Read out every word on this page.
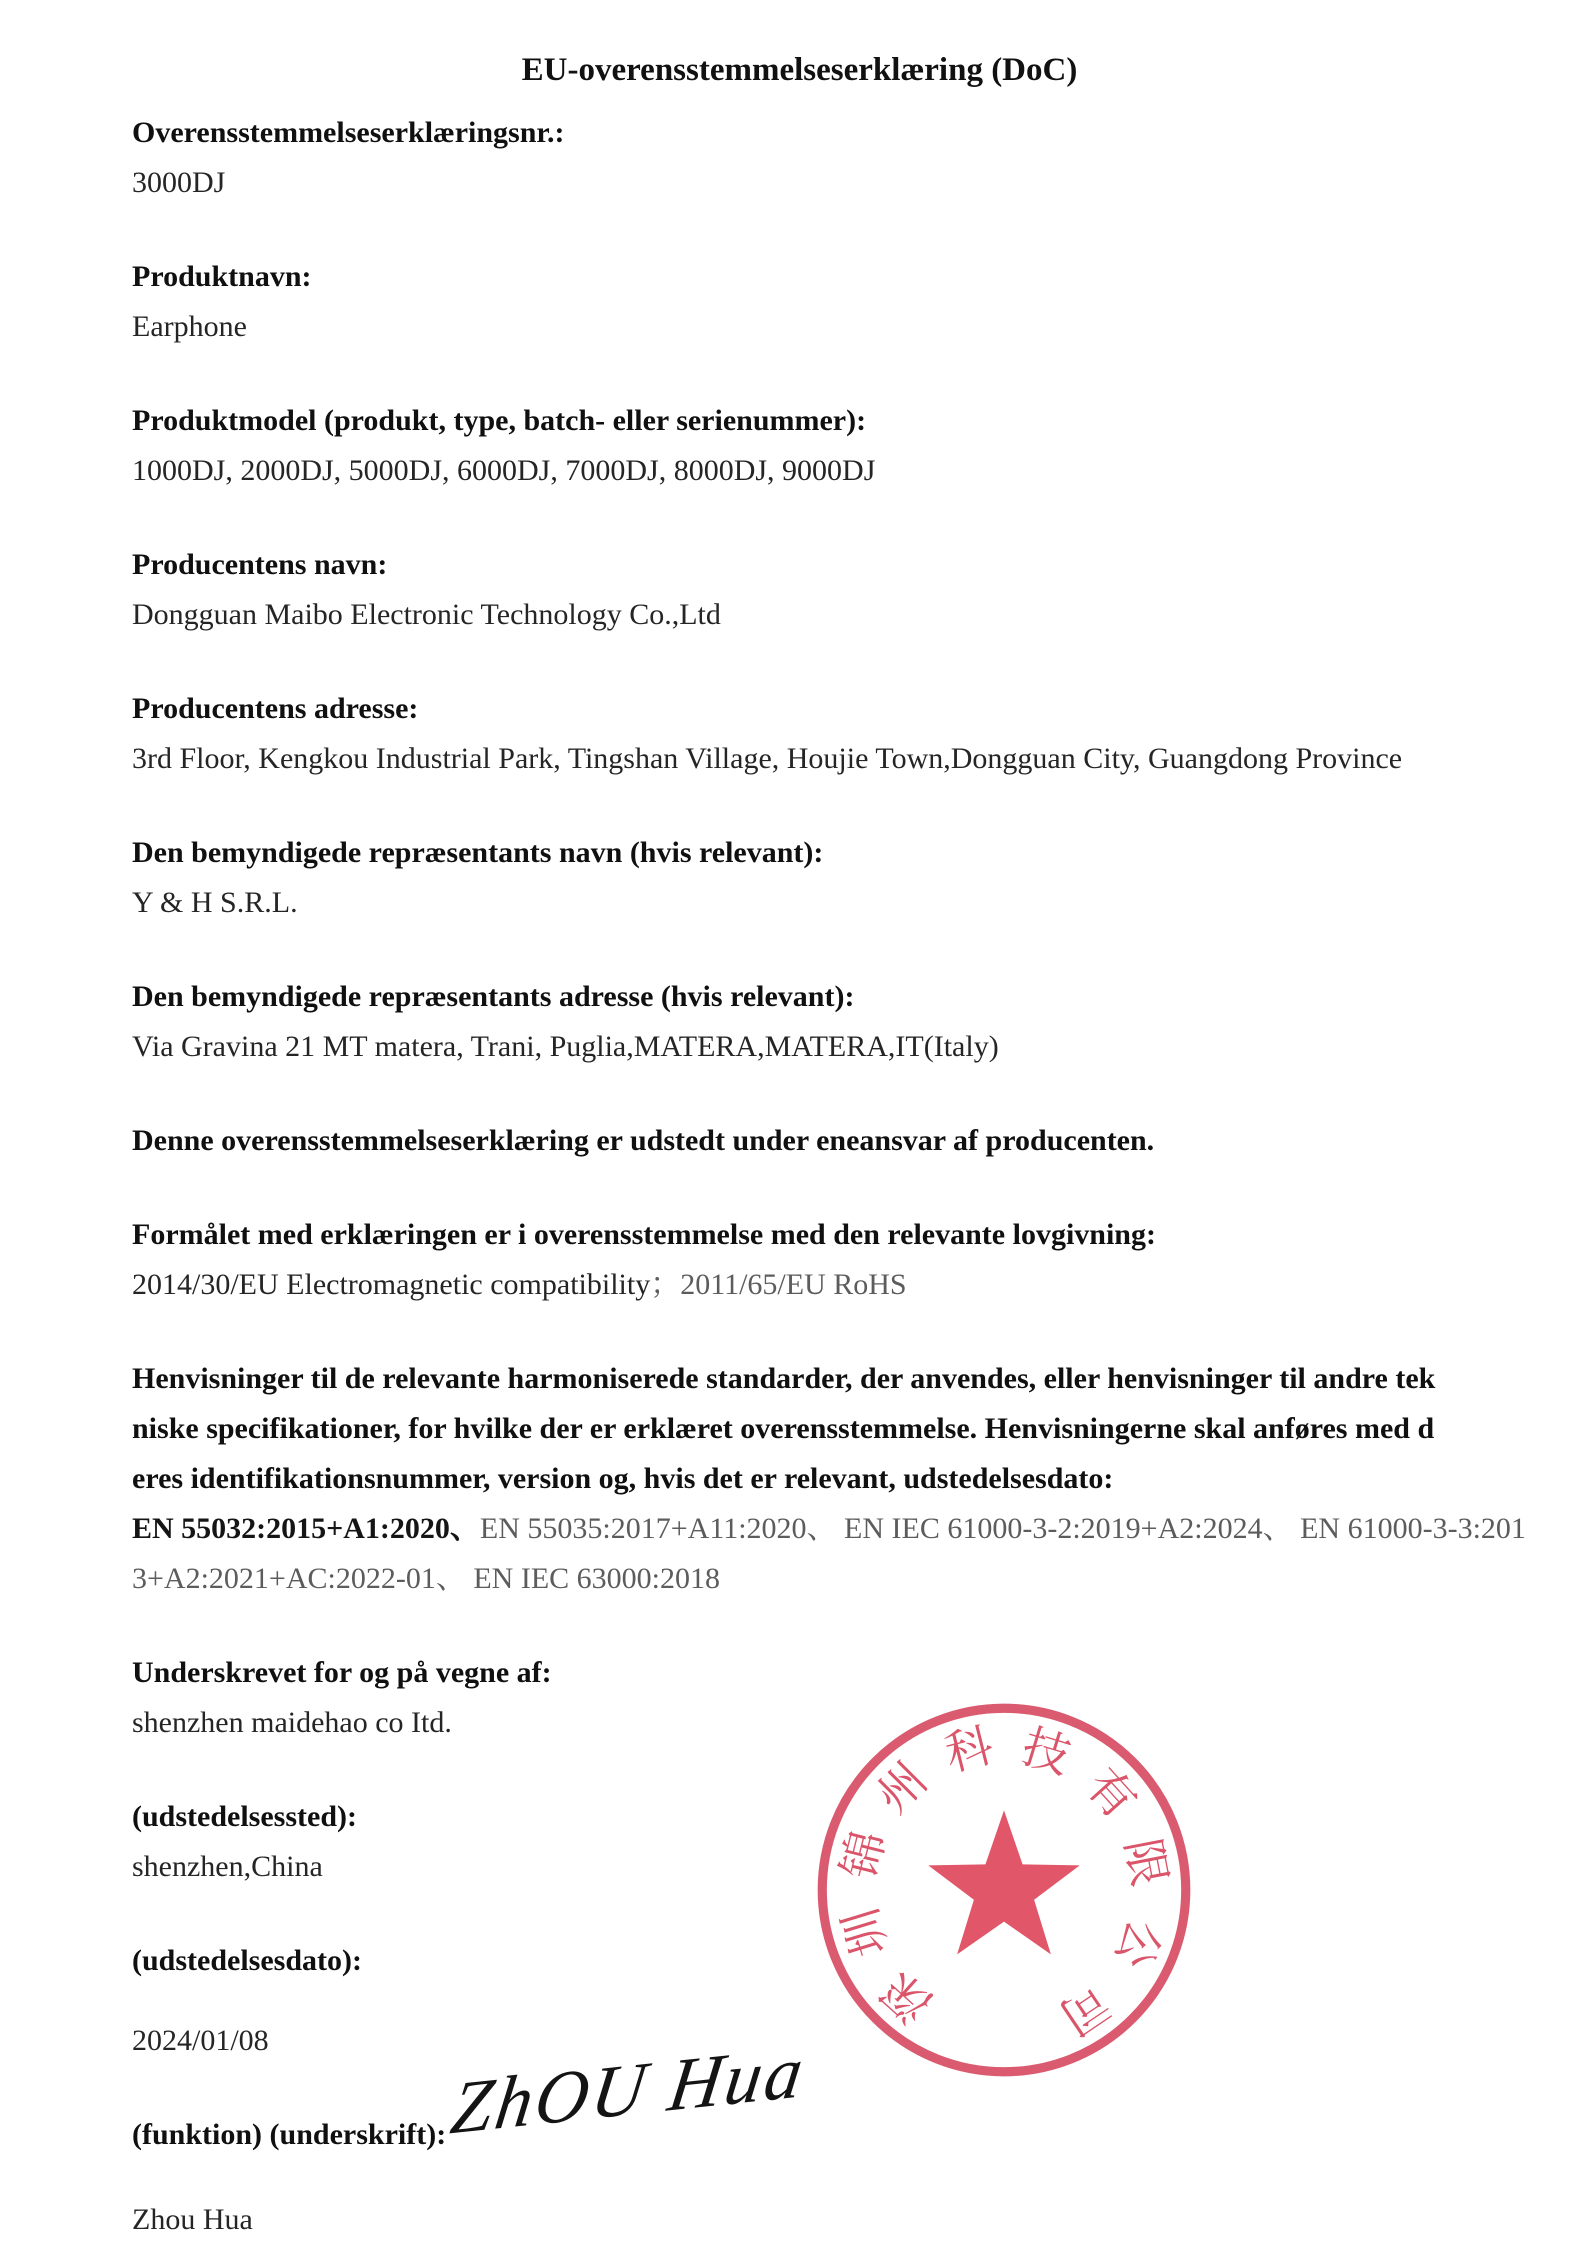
EU-overensstemmelseserklæring (DoC)
Overensstemmelseserklæringsnr.:
3000DJ
Produktnavn:
Earphone
Produktmodel (produkt, type, batch- eller serienummer):
1000DJ, 2000DJ, 5000DJ, 6000DJ, 7000DJ, 8000DJ, 9000DJ
Producentens navn:
Dongguan Maibo Electronic Technology Co.,Ltd
Producentens adresse:
3rd Floor, Kengkou Industrial Park, Tingshan Village, Houjie Town,Dongguan City, Guangdong Province
Den bemyndigede repræsentants navn (hvis relevant):
Y & H S.R.L.
Den bemyndigede repræsentants adresse (hvis relevant):
Via Gravina 21 MT matera, Trani, Puglia,MATERA,MATERA,IT(Italy)
Denne overensstemmelseserklæring er udstedt under eneansvar af producenten.
Formålet med erklæringen er i overensstemmelse med den relevante lovgivning:
2014/30/EU Electromagnetic compatibility；2011/65/EU RoHS
Henvisninger til de relevante harmoniserede standarder, der anvendes, eller henvisninger til andre tek
niske specifikationer, for hvilke der er erklæret overensstemmelse. Henvisningerne skal anføres med d
eres identifikationsnummer, version og, hvis det er relevant, udstedelsesdato:
EN 55032:2015+A1:2020、EN 55035:2017+A11:2020、 EN IEC 61000-3-2:2019+A2:2024、 EN 61000-3-3:201
3+A2:2021+AC:2022-01、 EN IEC 63000:2018
Underskrevet for og på vegne af:
shenzhen maidehao co Itd.
(udstedelsessted):
shenzhen,China
(udstedelsesdato):
2024/01/08
(funktion) (underskrift):
Zhou Hua
ZhOU Hua
深
圳
锦
州
科 技
有
限
公
司
